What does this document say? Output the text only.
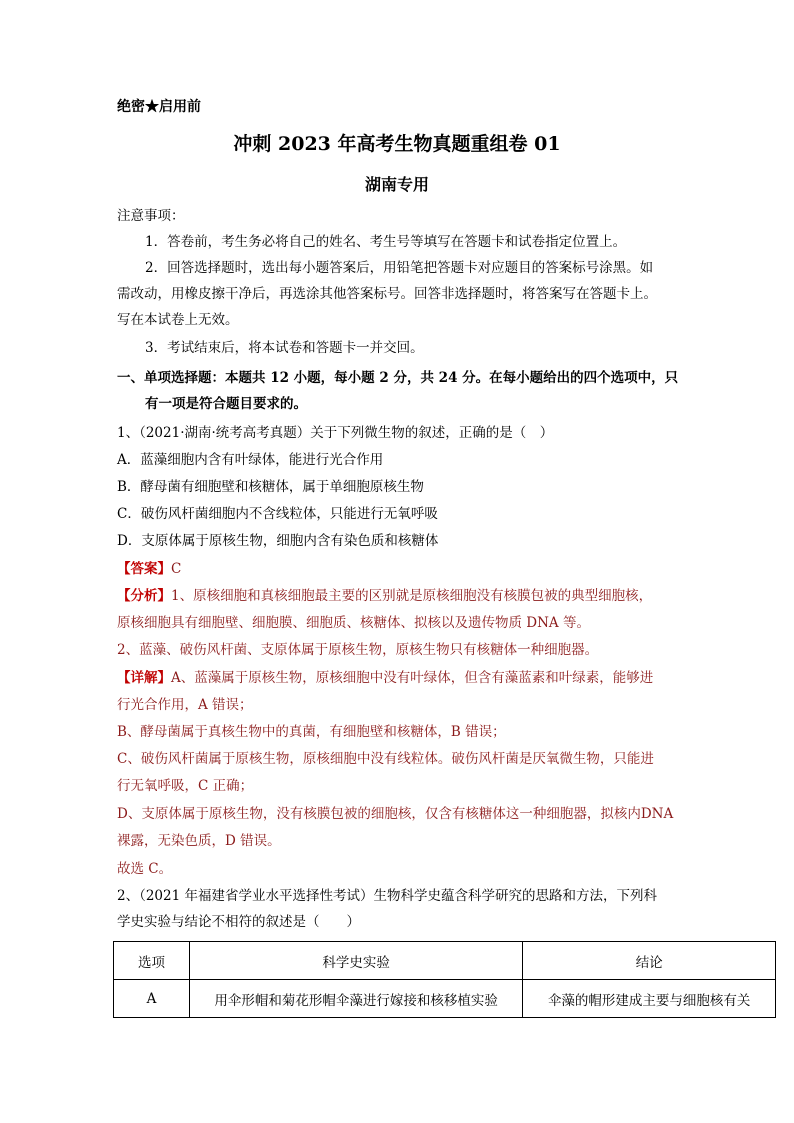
绝密★启用前
冲刺 2023 年高考生物真题重组卷 01
湖南专用
注意事项：
1．答卷前，考生务必将自己的姓名、考生号等填写在答题卡和试卷指定位置上。
2．回答选择题时，选出每小题答案后，用铅笔把答题卡对应题目的答案标号涂黑。如
需改动，用橡皮擦干净后，再选涂其他答案标号。回答非选择题时，将答案写在答题卡上。
写在本试卷上无效。
3．考试结束后，将本试卷和答题卡一并交回。
一、单项选择题：本题共 12 小题，每小题 2 分，共 24 分。在每小题给出的四个选项中，只
有一项是符合题目要求的。
1、（2021·湖南·统考高考真题）关于下列微生物的叙述，正确的是（　）
A．蓝藻细胞内含有叶绿体，能进行光合作用
B．酵母菌有细胞壁和核糖体，属于单细胞原核生物
C．破伤风杆菌细胞内不含线粒体，只能进行无氧呼吸
D．支原体属于原核生物，细胞内含有染色质和核糖体
【答案】C
【分析】1、原核细胞和真核细胞最主要的区别就是原核细胞没有核膜包被的典型细胞核，
原核细胞具有细胞壁、细胞膜、细胞质、核糖体、拟核以及遗传物质 DNA 等。
2、蓝藻、破伤风杆菌、支原体属于原核生物，原核生物只有核糖体一种细胞器。
【详解】A、蓝藻属于原核生物，原核细胞中没有叶绿体，但含有藻蓝素和叶绿素，能够进
行光合作用，A 错误；
B、酵母菌属于真核生物中的真菌，有细胞壁和核糖体，B 错误；
C、破伤风杆菌属于原核生物，原核细胞中没有线粒体。破伤风杆菌是厌氧微生物，只能进
行无氧呼吸，C 正确；
D、支原体属于原核生物，没有核膜包被的细胞核，仅含有核糖体这一种细胞器，拟核内DNA
裸露，无染色质，D 错误。
故选 C。
2、（2021 年福建省学业水平选择性考试）生物科学史蕴含科学研究的思路和方法，下列科
学史实验与结论不相符的叙述是（　　）
选项	科学史实验	结论
A	用伞形帽和菊花形帽伞藻进行嫁接和核移植实验	伞藻的帽形建成主要与细胞核有关
